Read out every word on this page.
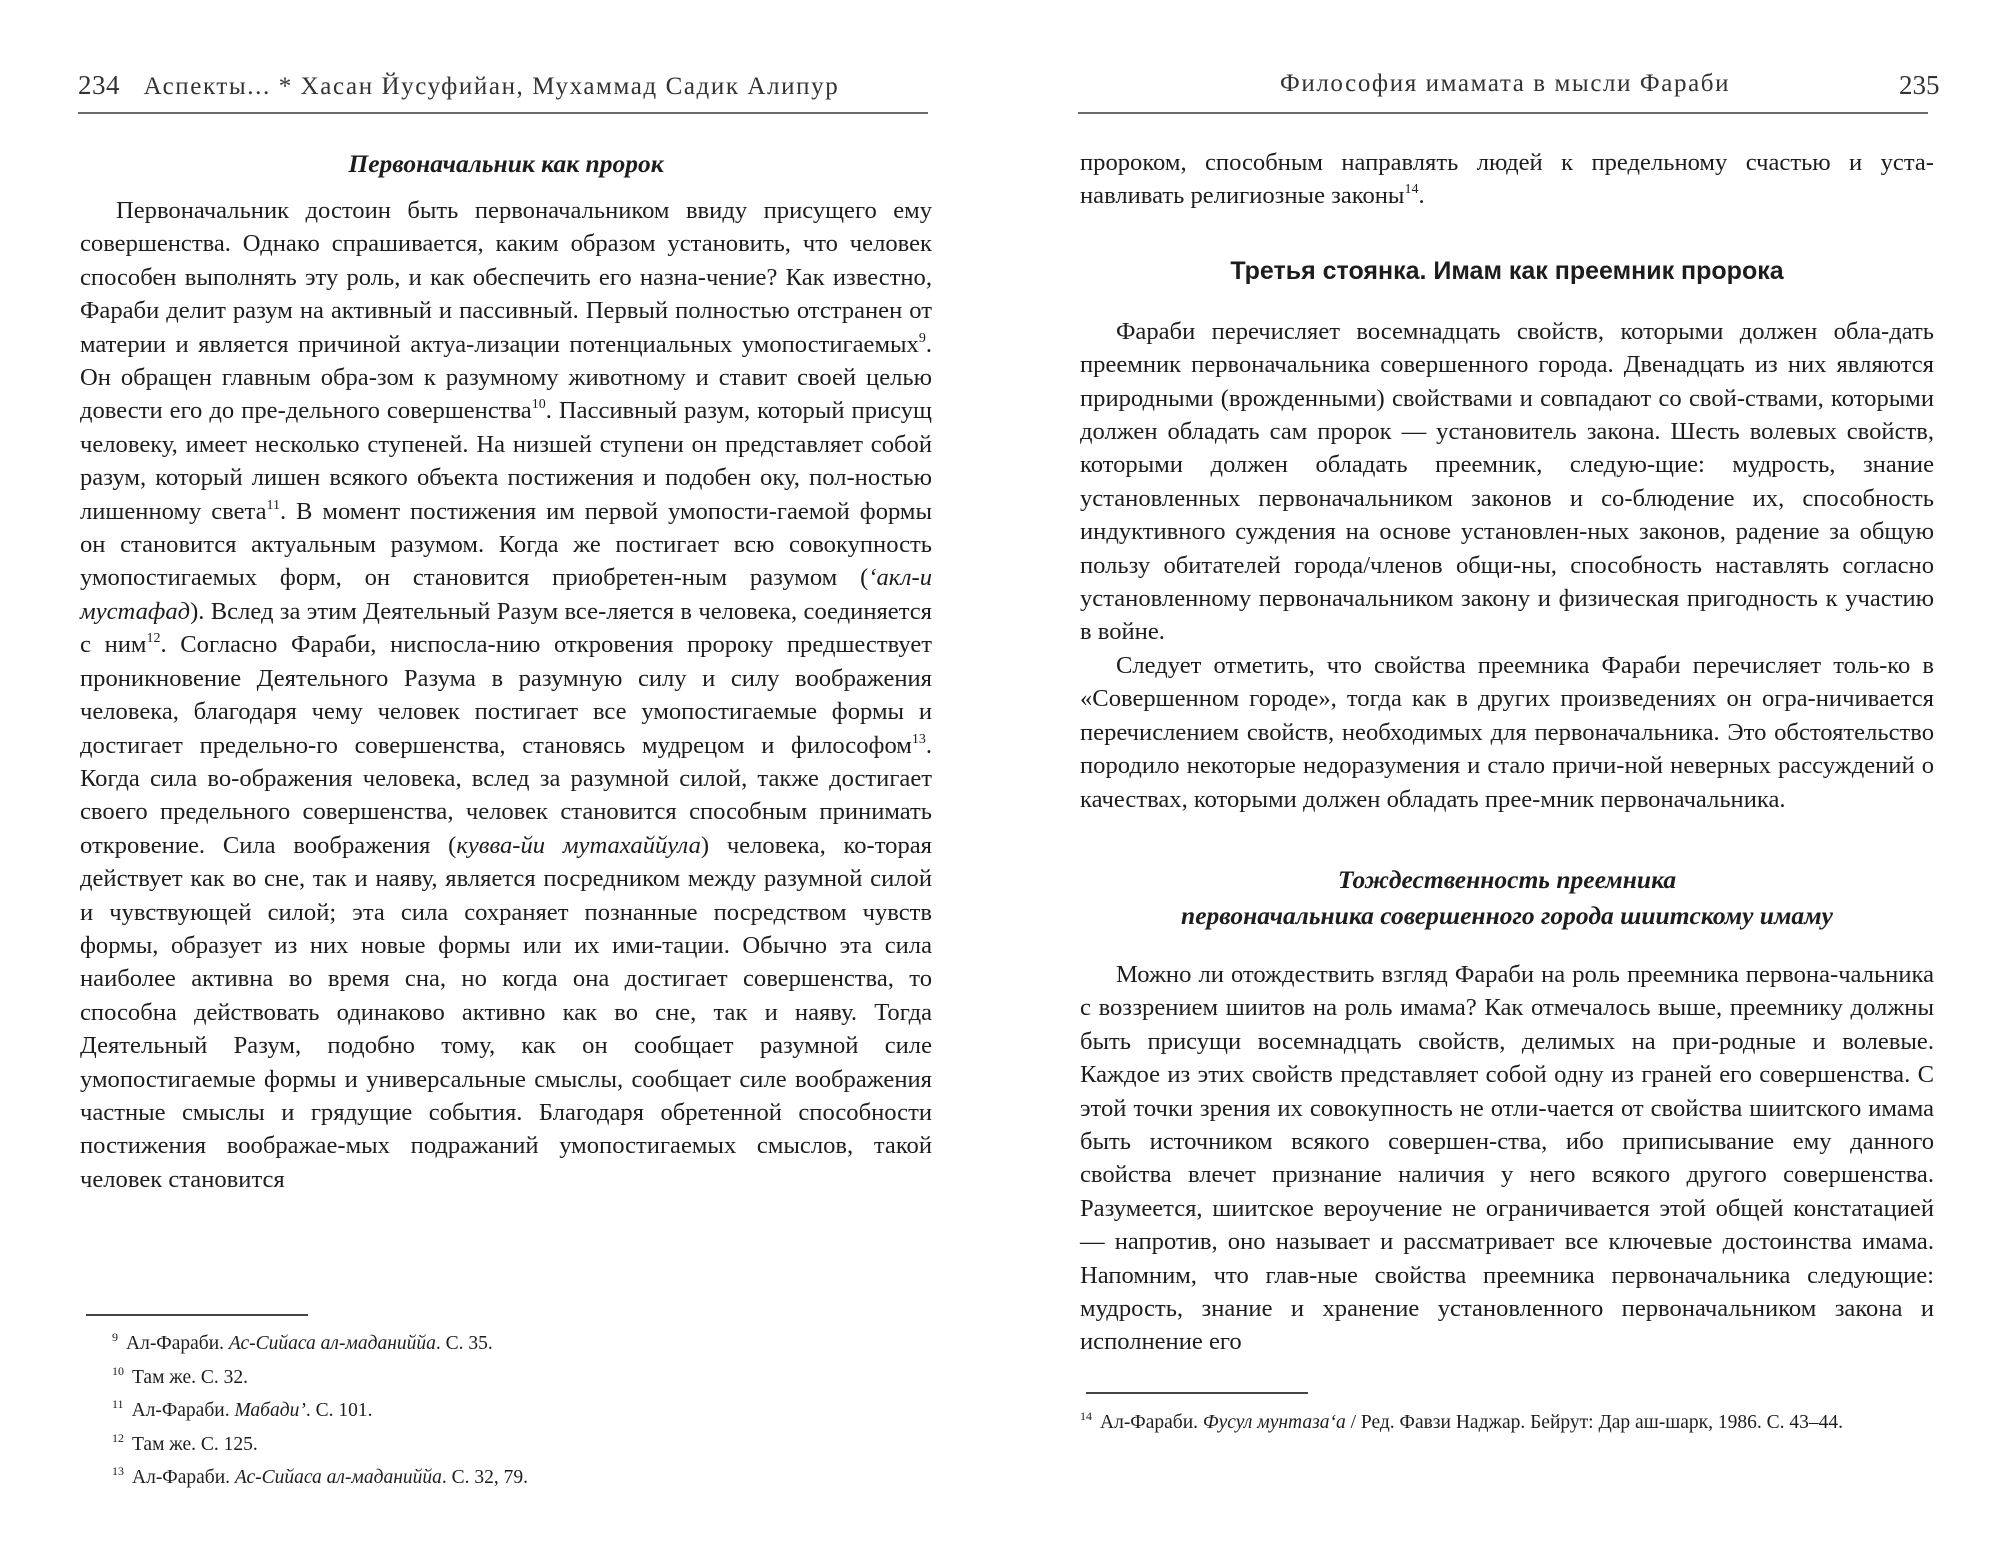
234 Аспекты... * Хасан Йусуфийан, Мухаммад Садик Алипур

Первоначальник как пророк

Первоначальник достоин быть первоначальником ввиду присущего ему совершенства. Однако спрашивается, каким образом установить, что человек способен выполнять эту роль, и как обеспечить его назна-чение? Как известно, Фараби делит разум на активный и пассивный. Первый полностью отстранен от материи и является причиной актуа-лизации потенциальных умопостигаемых$^9$. Он обращен главным обра-зом к разумному животному и ставит своей целью довести его до пре-дельного совершенства$^{10}$. Пассивный разум, который присущ человеку, имеет несколько ступеней. На низшей ступени он представляет собой разум, который лишен всякого объекта постижения и подобен оку, пол-ностью лишенному света$^{11}$. В момент постижения им первой умопости-гаемой формы он становится актуальным разумом. Когда же постигает всю совокупность умопостигаемых форм, он становится приобретен-ным разумом (‘акл-и мустафад). Вслед за этим Деятельный Разум все-ляется в человека, соединяется с ним$^{12}$. Согласно Фараби, ниспосла-нию откровения пророку предшествует проникновение Деятельного Разума в разумную силу и силу воображения человека, благодаря чему человек постигает все умопостигаемые формы и достигает предельно-го совершенства, становясь мудрецом и философом$^{13}$. Когда сила во-ображения человека, вслед за разумной силой, также достигает своего предельного совершенства, человек становится способным принимать откровение. Сила воображения (кувва-йи мутахаййула) человека, ко-торая действует как во сне, так и наяву, является посредником между разумной силой и чувствующей силой; эта сила сохраняет познанные посредством чувств формы, образует из них новые формы или их ими-тации. Обычно эта сила наиболее активна во время сна, но когда она достигает совершенства, то способна действовать одинаково активно как во сне, так и наяву. Тогда Деятельный Разум, подобно тому, как он сообщает разумной силе умопостигаемые формы и универсальные смыслы, сообщает силе воображения частные смыслы и грядущие события. Благодаря обретенной способности постижения воображае-мых подражаний умопостигаемых смыслов, такой человек становится

$^9$ Ал-Фараби. Ас-Сийаса ал-маданиййа. С. 35.

$^{10}$ Там же. С. 32.

$^{11}$ Ал-Фараби. Мабади’. С. 101.

$^{12}$ Там же. С. 125.

$^{13}$ Ал-Фараби. Ас-Сийаса ал-маданиййа. С. 32, 79.

Философия имамата в мысли Фараби	235

пророком, способным направлять людей к предельному счастью и уста-навливать религиозные законы$^{14}$.

Третья стоянка. Имам как преемник пророка

Фараби перечисляет восемнадцать свойств, которыми должен обла-дать преемник первоначальника совершенного города. Двенадцать из них являются природными (врожденными) свойствами и совпадают со свой-ствами, которыми должен обладать сам пророк — установитель закона. Шесть волевых свойств, которыми должен обладать преемник, следую-щие: мудрость, знание установленных первоначальником законов и со-блюдение их, способность индуктивного суждения на основе установлен-ных законов, радение за общую пользу обитателей города/членов общи-ны, способность наставлять согласно установленному первоначальником закону и физическая пригодность к участию в войне.

Следует отметить, что свойства преемника Фараби перечисляет толь-ко в «Совершенном городе», тогда как в других произведениях он огра-ничивается перечислением свойств, необходимых для первоначальника. Это обстоятельство породило некоторые недоразумения и стало причи-ной неверных рассуждений о качествах, которыми должен обладать прее-мник первоначальника.

Тождественность преемника

первоначальника совершенного города шиитскому имаму

Можно ли отождествить взгляд Фараби на роль преемника первона-чальника с воззрением шиитов на роль имама? Как отмечалось выше, преемнику должны быть присущи восемнадцать свойств, делимых на при-родные и волевые. Каждое из этих свойств представляет собой одну из граней его совершенства. С этой точки зрения их совокупность не отли-чается от свойства шиитского имама быть источником всякого совершен-ства, ибо приписывание ему данного свойства влечет признание наличия у него всякого другого совершенства. Разумеется, шиитское вероучение не ограничивается этой общей констатацией — напротив, оно называет и рассматривает все ключевые достоинства имама. Напомним, что глав-ные свойства преемника первоначальника следующие: мудрость, знание и хранение установленного первоначальником закона и исполнение его

$^{14}$ Ал-Фараби. Фусул мунтаза‘а / Ред. Фавзи Наджар. Бейрут: Дар аш-шарк, 1986. С. 43–44.
